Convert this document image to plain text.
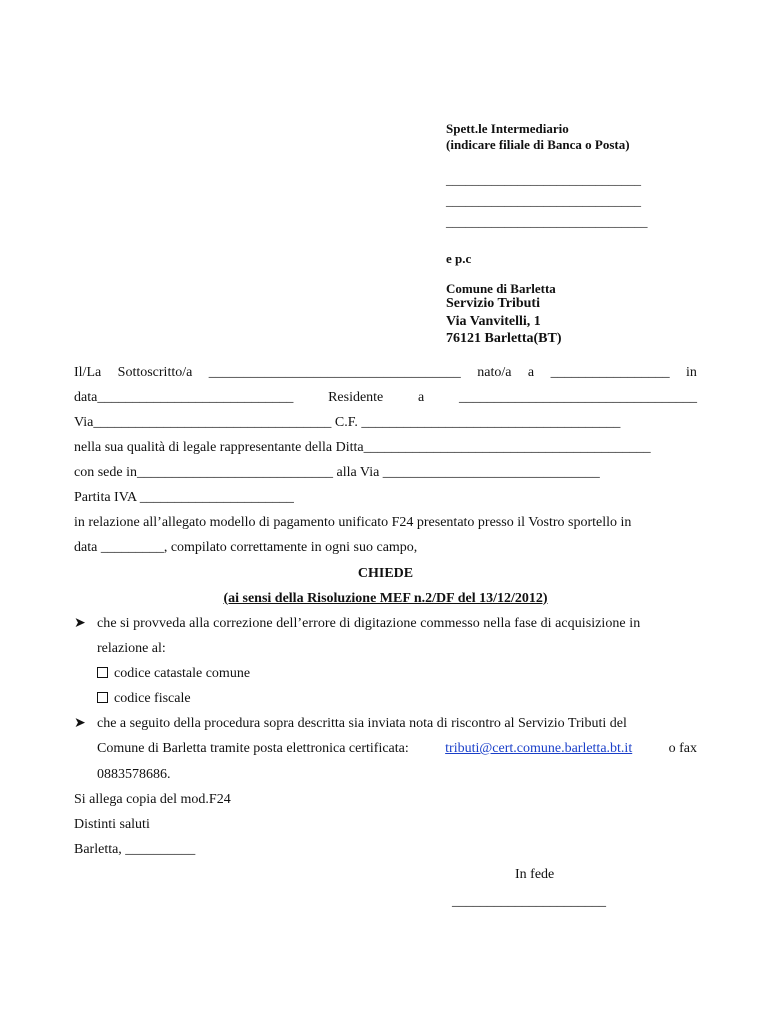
Spett.le Intermediario
(indicare filiale di Banca o Posta)
______________________________
______________________________
_______________________________
e p.c
Comune di Barletta
Servizio Tributi
Via Vanvitelli, 1
76121 Barletta(BT)
Il/La Sottoscritto/a ____________________________________ nato/a a _________________ in
data____________________________ Residente a __________________________________
Via__________________________________ C.F. _____________________________________
nella sua qualità di legale rappresentante della Ditta_________________________________________
con sede in____________________________ alla Via _______________________________
Partita IVA ______________________
in relazione all’allegato modello di pagamento unificato F24 presentato presso il Vostro sportello in
data _________, compilato correttamente in ogni suo campo,
CHIEDE
(ai sensi della Risoluzione MEF n.2/DF del 13/12/2012)
➤ che si provveda alla correzione dell’errore di digitazione commesso nella fase di acquisizione in
relazione al:
codice catastale comune
codice fiscale
➤ che a seguito della procedura sopra descritta sia inviata nota di riscontro al Servizio Tributi del
Comune di Barletta tramite posta elettronica certificata:	tributi@cert.comune.barletta.bt.it	o fax
0883578686.
Si allega copia del mod.F24
Distinti saluti
Barletta, __________
In fede
______________________
